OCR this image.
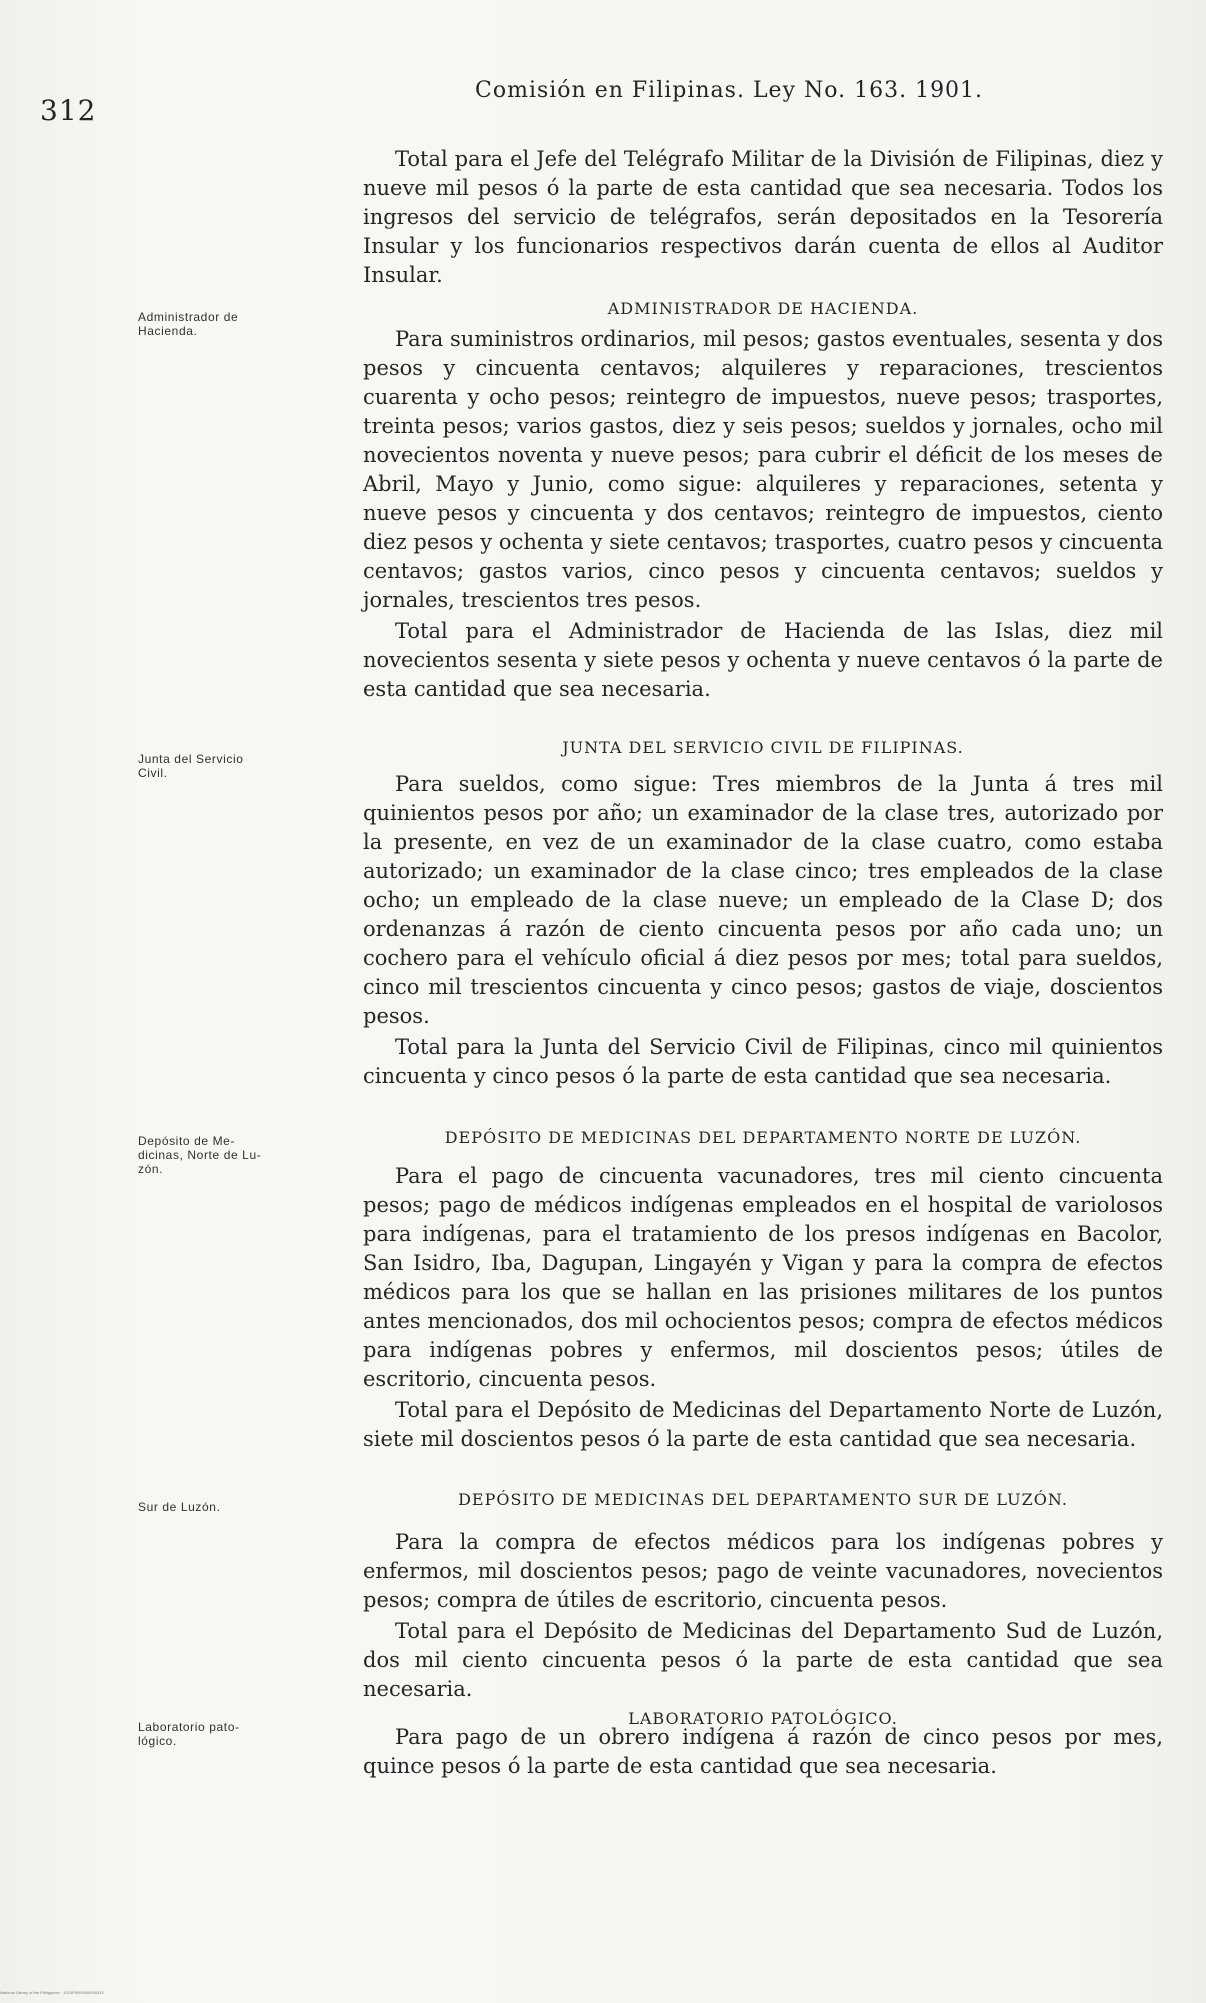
312
Comisión en Filipinas. Ley No. 163. 1901.

Total para el Jefe del Telégrafo Militar de la División de Filipinas, diez y nueve mil pesos ó la parte de esta cantidad que sea necesaria. Todos los ingresos del servicio de telégrafos, serán depositados en la Tesorería Insular y los funcionarios respectivos darán cuenta de ellos al Auditor Insular.

Administrador de
Hacienda.
ADMINISTRADOR DE HACIENDA.

Para suministros ordinarios, mil pesos; gastos eventuales, sesenta y dos pesos y cincuenta centavos; alquileres y reparaciones, trescientos cuarenta y ocho pesos; reintegro de impuestos, nueve pesos; trasportes, treinta pesos; varios gastos, diez y seis pesos; sueldos y jornales, ocho mil novecientos noventa y nueve pesos; para cubrir el déficit de los meses de Abril, Mayo y Junio, como sigue: alquileres y reparaciones, setenta y nueve pesos y cincuenta y dos centavos; reintegro de impuestos, ciento diez pesos y ochenta y siete centavos; trasportes, cuatro pesos y cincuenta centavos; gastos varios, cinco pesos y cincuenta centavos; sueldos y jornales, trescientos tres pesos.

Total para el Administrador de Hacienda de las Islas, diez mil novecientos sesenta y siete pesos y ochenta y nueve centavos ó la parte de esta cantidad que sea necesaria.

Junta del Servicio
Civil.
JUNTA DEL SERVICIO CIVIL DE FILIPINAS.

Para sueldos, como sigue: Tres miembros de la Junta á tres mil quinientos pesos por año; un examinador de la clase tres, autorizado por la presente, en vez de un examinador de la clase cuatro, como estaba autorizado; un examinador de la clase cinco; tres empleados de la clase ocho; un empleado de la clase nueve; un empleado de la Clase D; dos ordenanzas á razón de ciento cincuenta pesos por año cada uno; un cochero para el vehículo oficial á diez pesos por mes; total para sueldos, cinco mil trescientos cincuenta y cinco pesos; gastos de viaje, doscientos pesos.

Total para la Junta del Servicio Civil de Filipinas, cinco mil quinientos cincuenta y cinco pesos ó la parte de esta cantidad que sea necesaria.

Depósito de Me-
dicinas, Norte de Lu-
zón.
DEPÓSITO DE MEDICINAS DEL DEPARTAMENTO NORTE DE LUZÓN.

Para el pago de cincuenta vacunadores, tres mil ciento cincuenta pesos; pago de médicos indígenas empleados en el hospital de variolosos para indígenas, para el tratamiento de los presos indígenas en Bacolor, San Isidro, Iba, Dagupan, Lingayén y Vigan y para la compra de efectos médicos para los que se hallan en las prisiones militares de los puntos antes mencionados, dos mil ochocientos pesos; compra de efectos médicos para indígenas pobres y enfermos, mil doscientos pesos; útiles de escritorio, cincuenta pesos.

Total para el Depósito de Medicinas del Departamento Norte de Luzón, siete mil doscientos pesos ó la parte de esta cantidad que sea necesaria.

Sur de Luzón.	DEPÓSITO DE MEDICINAS DEL DEPARTAMENTO SUR DE LUZÓN.

Para la compra de efectos médicos para los indígenas pobres y enfermos, mil doscientos pesos; pago de veinte vacunadores, novecientos pesos; compra de útiles de escritorio, cincuenta pesos.

Total para el Depósito de Medicinas del Departamento Sud de Luzón, dos mil ciento cincuenta pesos ó la parte de esta cantidad que sea necesaria.

Laboratorio pato-
lógico.
LABORATORIO PATOLÓGICO.

Para pago de un obrero indígena á razón de cinco pesos por mes, quince pesos ó la parte de esta cantidad que sea necesaria.

National Library of the Philippines · 1024P0000000000313
